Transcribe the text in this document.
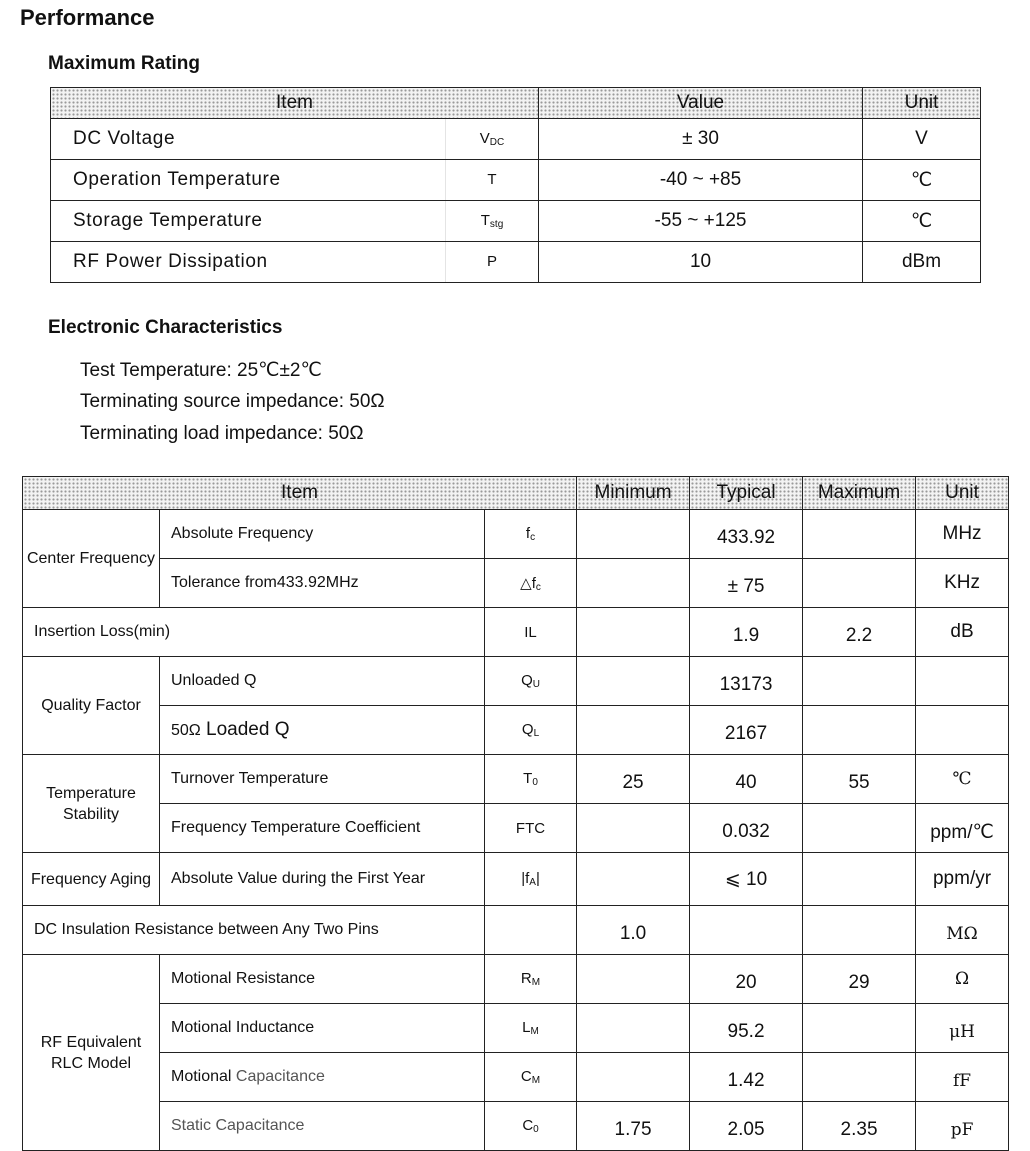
Performance
Maximum Rating
Item		Value	Unit
DC Voltage	$V_{DC}$	± 30	V
Operation Temperature	T	-40 ~ +85	℃
Storage Temperature	$T_{stg}$	-55 ~ +125	℃
RF Power Dissipation	P	10	dBm
Electronic Characteristics
Test Temperature: 25℃±2℃
Terminating source impedance: 50Ω
Terminating load impedance: 50Ω
Item			Minimum	Typical	Maximum	Unit
Center Frequency	Absolute Frequency	$f_c$		433.92		MHz
	Tolerance from433.92MHz	$\triangle f_c$		± 75		KHz
Insertion Loss(min)		IL		1.9	2.2	dB
Quality Factor	Unloaded Q	$Q_U$		13173		
	50Ω Loaded Q	$Q_L$		2167		
Temperature Stability	Turnover Temperature	$T_0$	25	40	55	℃
	Frequency Temperature Coefficient	FTC		0.032		ppm/℃
Frequency Aging	Absolute Value during the First Year	$|f_A|$		⩽ 10		ppm/yr
DC Insulation Resistance between Any Two Pins			1.0			MΩ
RF Equivalent RLC Model	Motional Resistance	$R_M$		20	29	Ω
	Motional Inductance	$L_M$		95.2		μH
	Motional Capacitance	$C_M$		1.42		fF
	Static Capacitance	$C_0$	1.75	2.05	2.35	pF
